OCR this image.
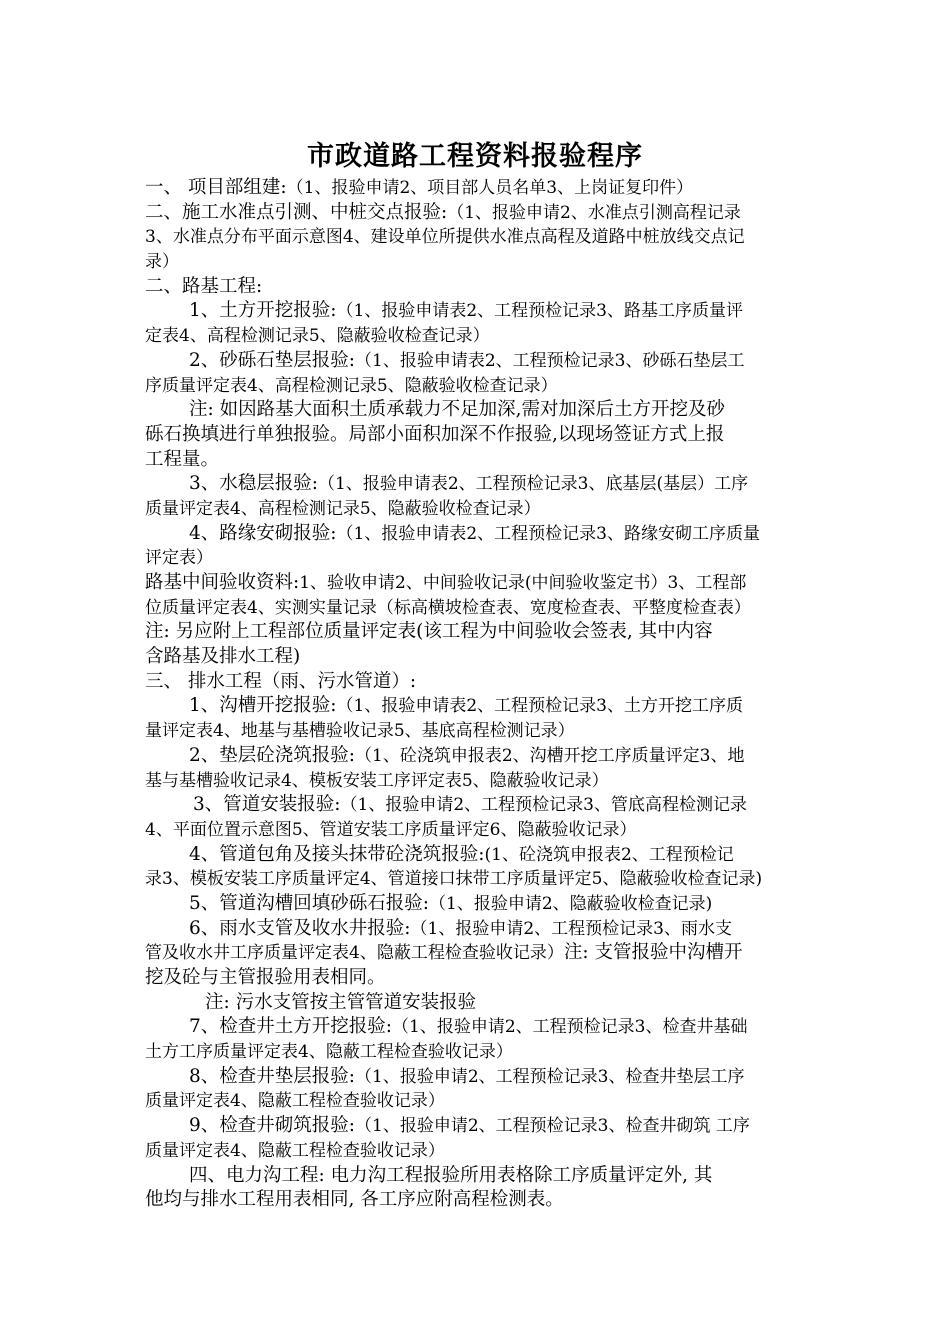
市政道路工程资料报验程序
一、 项目部组建:（1、报验申请2、项目部人员名单3、上岗证复印件）
二、施工水准点引测、中桩交点报验:（1、报验申请2、水准点引测高程记录
3、水准点分布平面示意图4、建设单位所提供水准点高程及道路中桩放线交点记
录）
二、路基工程:
1、土方开挖报验:（1、报验申请表2、工程预检记录3、路基工序质量评
定表4、高程检测记录5、隐蔽验收检查记录）
2、砂砾石垫层报验:（1、报验申请表2、工程预检记录3、砂砾石垫层工
序质量评定表4、高程检测记录5、隐蔽验收检查记录）
注: 如因路基大面积土质承载力不足加深,需对加深后土方开挖及砂
砾石换填进行单独报验。局部小面积加深不作报验,以现场签证方式上报
工程量。
3、水稳层报验:（1、报验申请表2、工程预检记录3、底基层(基层）工序
质量评定表4、高程检测记录5、隐蔽验收检查记录）
4、路缘安砌报验:（1、报验申请表2、工程预检记录3、路缘安砌工序质量
评定表）
路基中间验收资料:1、验收申请2、中间验收记录(中间验收鉴定书）3、工程部
位质量评定表4、实测实量记录（标高横坡检查表、宽度检查表、平整度检查表）
注: 另应附上工程部位质量评定表(该工程为中间验收会签表, 其中内容
含路基及排水工程)
三、 排水工程（雨、污水管道）:
1、沟槽开挖报验:（1、报验申请表2、工程预检记录3、土方开挖工序质
量评定表4、地基与基槽验收记录5、基底高程检测记录）
2、垫层砼浇筑报验:（1、砼浇筑申报表2、沟槽开挖工序质量评定3、地
基与基槽验收记录4、模板安装工序评定表5、隐蔽验收记录）
3、管道安装报验:（1、报验申请2、工程预检记录3、管底高程检测记录
4、平面位置示意图5、管道安装工序质量评定6、隐蔽验收记录）
4、管道包角及接头抹带砼浇筑报验:(1、砼浇筑申报表2、工程预检记
录3、模板安装工序质量评定4、管道接口抹带工序质量评定5、隐蔽验收检查记录)
5、管道沟槽回填砂砾石报验:（1、报验申请2、隐蔽验收检查记录)
6、雨水支管及收水井报验:（1、报验申请2、工程预检记录3、雨水支
管及收水井工序质量评定表4、隐蔽工程检查验收记录）注: 支管报验中沟槽开
挖及砼与主管报验用表相同。
注: 污水支管按主管管道安装报验
7、检查井土方开挖报验:（1、报验申请2、工程预检记录3、检查井基础
土方工序质量评定表4、隐蔽工程检查验收记录）
8、检查井垫层报验:（1、报验申请2、工程预检记录3、检查井垫层工序
质量评定表4、隐蔽工程检查验收记录）
9、检查井砌筑报验:（1、报验申请2、工程预检记录3、检查井砌筑 工序
质量评定表4、隐蔽工程检查验收记录）
四、电力沟工程: 电力沟工程报验所用表格除工序质量评定外, 其
他均与排水工程用表相同, 各工序应附高程检测表。
